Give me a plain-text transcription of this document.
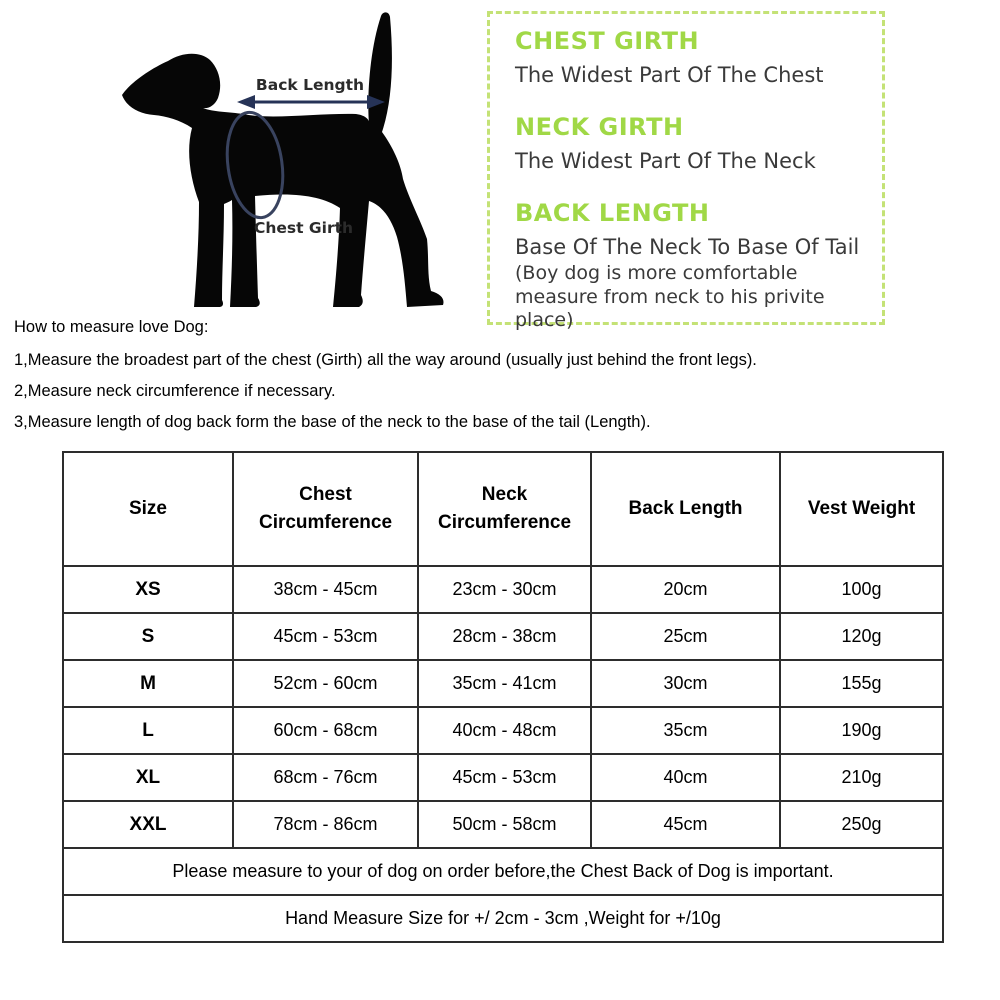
Back Length
Chest Girth
CHEST GIRTH

The Widest Part Of The Chest

NECK GIRTH

The Widest Part Of The Neck

BACK LENGTH

Base Of The Neck To Base Of Tail

(Boy dog is more comfortable measure from neck to his privite place)

How to measure love Dog:

1,Measure the broadest part of the chest (Girth) all the way around (usually just behind the front legs).

2,Measure neck circumference if necessary.

3,Measure length of dog back form the base of the neck to the base of the tail (Length).

Size	Chest Circumference	Neck Circumference	Back Length	Vest Weight
XS	38cm - 45cm	23cm - 30cm	20cm	100g
S	45cm - 53cm	28cm - 38cm	25cm	120g
M	52cm - 60cm	35cm - 41cm	30cm	155g
L	60cm - 68cm	40cm - 48cm	35cm	190g
XL	68cm - 76cm	45cm - 53cm	40cm	210g
XXL	78cm - 86cm	50cm - 58cm	45cm	250g
Please measure to your of dog on order before,the Chest Back of Dog is important.				
Hand Measure Size for +/ 2cm - 3cm ,Weight for +/10g				
